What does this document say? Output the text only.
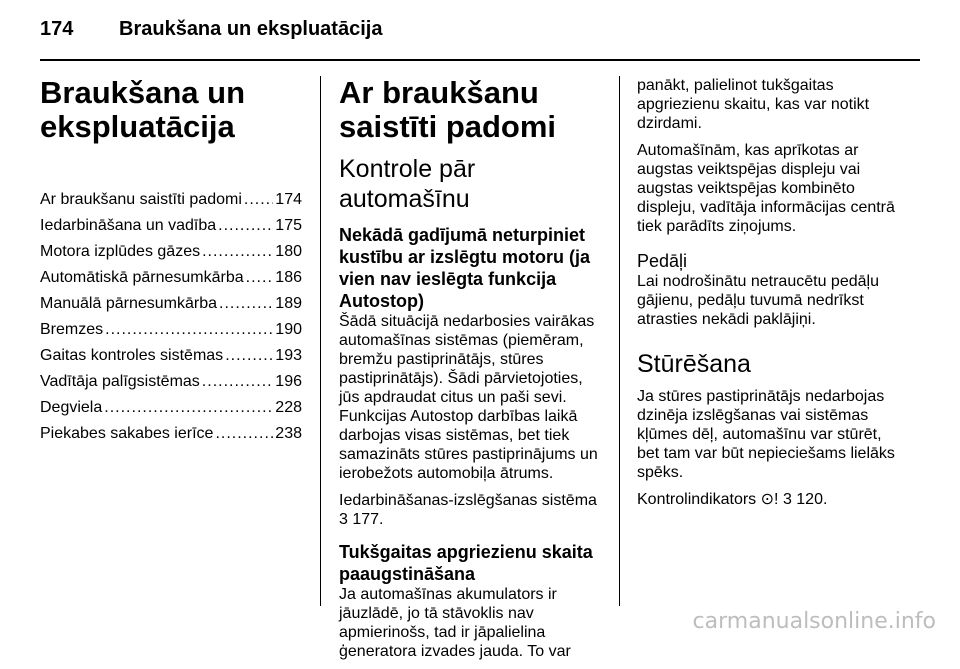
174 Braukšana un ekspluatācija
Braukšana un ekspluatācija
Ar braukšanu saistīti padomi ..... 174
Iedarbināšana un vadība .....	175
Motora izplūdes gāzes .....	180
Automātiskā pārnesumkārba ..... 186
Manuālā pārnesumkārba .....	189
Bremzes .....	190
Gaitas kontroles sistēmas .....	193
Vadītāja palīgsistēmas .....	196
Degviela .....	228
Piekabes sakabes ierīce .....	238
Ar braukšanu saistīti padomi
Kontrole pār automašīnu
Nekādā gadījumā neturpiniet kustību ar izslēgtu motoru (ja vien nav ieslēgta funkcija Autostop)

Šādā situācijā nedarbosies vairākas automašīnas sistēmas (piemēram, bremžu pastiprinātājs, stūres pastiprinātājs). Šādi pārvietojoties, jūs apdraudat citus un paši sevi. Funkcijas Autostop darbības laikā darbojas visas sistēmas, bet tiek samazināts stūres pastiprinājums un ierobežots automobiļa ātrums.

Iedarbināšanas-izslēgšanas sistēma 3 177.

Tukšgaitas apgriezienu skaita paaugstināšana

Ja automašīnas akumulators ir jāuzlādē, jo tā stāvoklis nav apmierinošs, tad ir jāpalielina ģeneratora izvades jauda. To var

panākt, palielinot tukšgaitas apgriezienu skaitu, kas var notikt dzirdami.

Automašīnām, kas aprīkotas ar augstas veiktspējas displeju vai augstas veiktspējas kombinēto displeju, vadītāja informācijas centrā tiek parādīts ziņojums.

Pedāļi

Lai nodrošinātu netraucētu pedāļu gājienu, pedāļu tuvumā nedrīkst atrasties nekādi paklājiņi.

Stūrēšana

Ja stūres pastiprinātājs nedarbojas dzinēja izslēgšanas vai sistēmas kļūmes dēļ, automašīnu var stūrēt, bet tam var būt nepieciešams lielāks spēks.

Kontrolindikators ⊙! 3 120.

carmanualsonline.info
